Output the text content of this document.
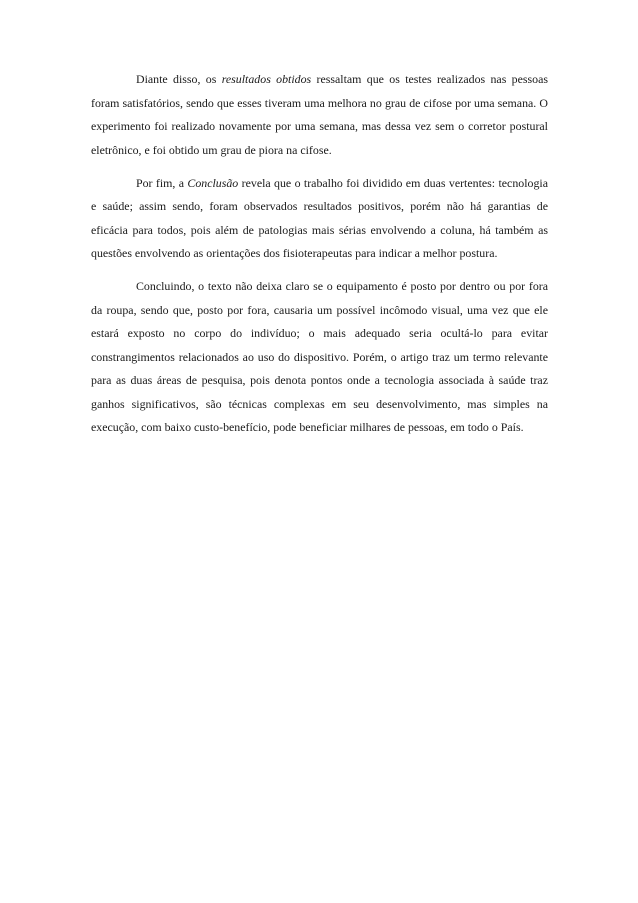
Diante disso, os resultados obtidos ressaltam que os testes realizados nas pessoas foram satisfatórios, sendo que esses tiveram uma melhora no grau de cifose por uma semana. O experimento foi realizado novamente por uma semana, mas dessa vez sem o corretor postural eletrônico, e foi obtido um grau de piora na cifose.

Por fim, a Conclusão revela que o trabalho foi dividido em duas vertentes: tecnologia e saúde; assim sendo, foram observados resultados positivos, porém não há garantias de eficácia para todos, pois além de patologias mais sérias envolvendo a coluna, há também as questões envolvendo as orientações dos fisioterapeutas para indicar a melhor postura.

Concluindo, o texto não deixa claro se o equipamento é posto por dentro ou por fora da roupa, sendo que, posto por fora, causaria um possível incômodo visual, uma vez que ele estará exposto no corpo do indivíduo; o mais adequado seria ocultá-lo para evitar constrangimentos relacionados ao uso do dispositivo. Porém, o artigo traz um termo relevante para as duas áreas de pesquisa, pois denota pontos onde a tecnologia associada à saúde traz ganhos significativos, são técnicas complexas em seu desenvolvimento, mas simples na execução, com baixo custo-benefício, pode beneficiar milhares de pessoas, em todo o País.
